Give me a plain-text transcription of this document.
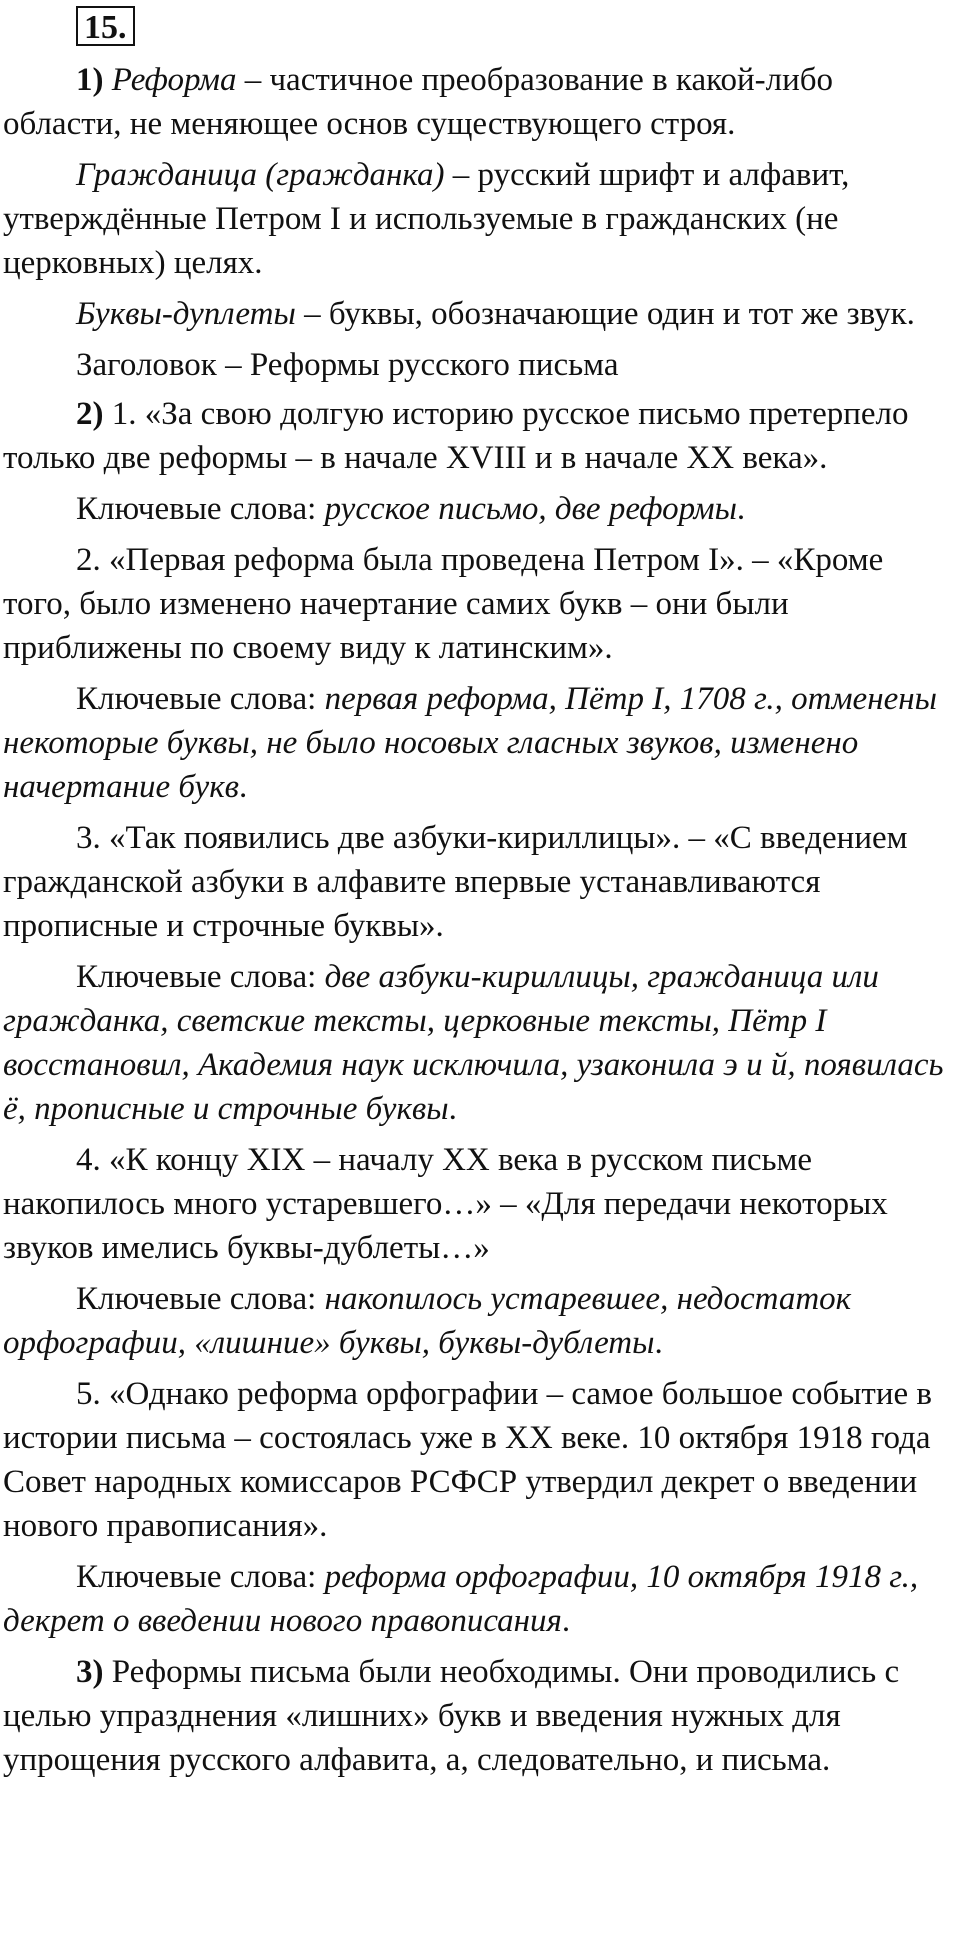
15.

1) Реформа – частичное преобразование в какой-либо области, не меняющее основ существующего строя.

Гражданица (гражданка) – русский шрифт и алфавит, утверждённые Петром I и используемые в гражданских (не церковных) целях.

Буквы-дуплеты – буквы, обозначающие один и тот же звук.

Заголовок – Реформы русского письма

2) 1. «За свою долгую историю русское письмо претерпело только две реформы – в начале XVIII и в начале XX века».

Ключевые слова: русское письмо, две реформы.

2. «Первая реформа была проведена Петром I». – «Кроме того, было изменено начертание самих букв – они были приближены по своему виду к латинским».

Ключевые слова: первая реформа, Пётр I, 1708 г., отменены некоторые буквы, не было носовых гласных звуков, изменено начертание букв.

3. «Так появились две азбуки-кириллицы». – «С введением гражданской азбуки в алфавите впервые устанавливаются прописные и строчные буквы».

Ключевые слова: две азбуки-кириллицы, гражданица или гражданка, светские тексты, церковные тексты, Пётр I восстановил, Академия наук исключила, узаконила э и й, появилась ё, прописные и строчные буквы.

4. «К концу XIX – началу XX века в русском письме накопилось много устаревшего…» – «Для передачи некоторых звуков имелись буквы-дублеты…»

Ключевые слова: накопилось устаревшее, недостаток орфографии, «лишние» буквы, буквы-дублеты.

5. «Однако реформа орфографии – самое большое событие в истории письма – состоялась уже в XX веке. 10 октября 1918 года Совет народных комиссаров РСФСР утвердил декрет о введении нового правописания».

Ключевые слова: реформа орфографии, 10 октября 1918 г., декрет о введении нового правописания.

3) Реформы письма были необходимы. Они проводились с целью упразднения «лишних» букв и введения нужных для упрощения русского алфавита, а, следовательно, и письма.
